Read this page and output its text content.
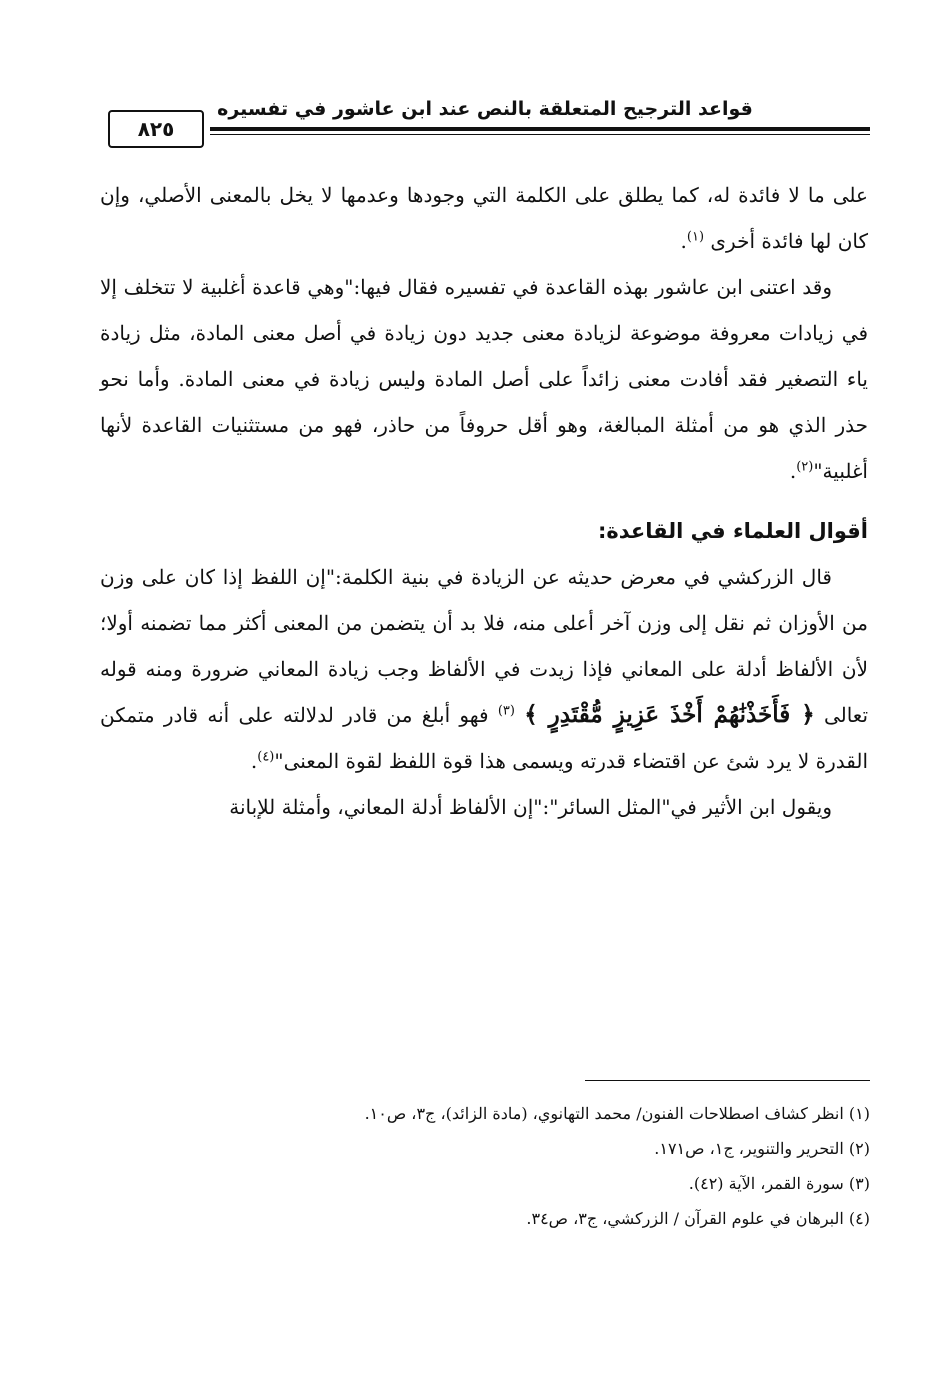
قواعد الترجيح المتعلقة بالنص عند ابن عاشور في تفسيره
٨٢٥

على ما لا فائدة له، كما يطلق على الكلمة التي وجودها وعدمها لا يخل بالمعنى الأصلي، وإن كان لها فائدة أخرى $^{(١)}$.

وقد اعتنى ابن عاشور بهذه القاعدة في تفسيره فقال فيها:"وهي قاعدة أغلبية لا تتخلف إلا في زيادات معروفة موضوعة لزيادة معنى جديد دون زيادة في أصل معنى المادة، مثل زيادة ياء التصغير فقد أفادت معنى زائداً على أصل المادة وليس زيادة في معنى المادة. وأما نحو حذر الذي هو من أمثلة المبالغة، وهو أقل حروفاً من حاذر، فهو من مستثنيات القاعدة لأنها أغلبية"$^{(٢)}$.

أقوال العلماء في القاعدة:

قال الزركشي في معرض حديثه عن الزيادة في بنية الكلمة:"إن اللفظ إذا كان على وزن من الأوزان ثم نقل إلى وزن آخر أعلى منه، فلا بد أن يتضمن من المعنى أكثر مما تضمنه أولا؛ لأن الألفاظ أدلة على المعاني فإذا زيدت في الألفاظ وجب زيادة المعاني ضرورة ومنه قوله تعالى ﴿ فَأَخَذْنَٰهُمْ أَخْذَ عَزِيزٍ مُّقْتَدِرٍ ﴾ $^{(٣)}$ فهو أبلغ من قادر لدلالته على أنه قادر متمكن القدرة لا يرد شئ عن اقتضاء قدرته ويسمى هذا قوة اللفظ لقوة المعنى"$^{(٤)}$.

ويقول ابن الأثير في"المثل السائر":"إن الألفاظ أدلة المعاني، وأمثلة للإبانة

(١) انظر كشاف اصطلاحات الفنون/ محمد التهانوي، (مادة الزائد)، ج٣، ص١٠.

(٢) التحرير والتنوير، ج١، ص١٧١.

(٣) سورة القمر، الآية (٤٢).

(٤) البرهان في علوم القرآن / الزركشي، ج٣، ص٣٤.
